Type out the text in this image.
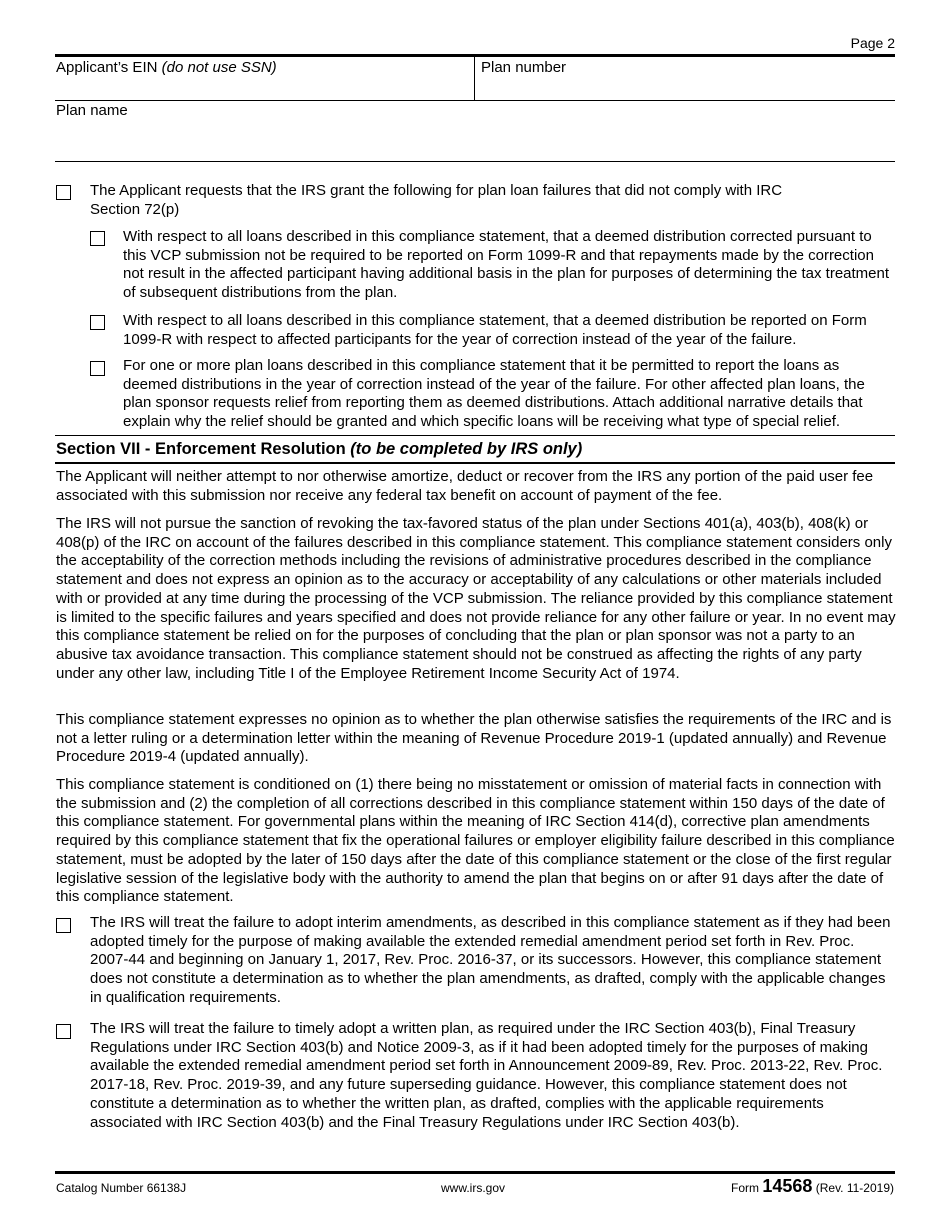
Page 2
Applicant’s EIN (do not use SSN)	Plan number
Plan name
The Applicant requests that the IRS grant the following for plan loan failures that did not comply with IRC Section 72(p)
With respect to all loans described in this compliance statement, that a deemed distribution corrected pursuant to this VCP submission not be required to be reported on Form 1099-R and that repayments made by the correction not result in the affected participant having additional basis in the plan for purposes of determining the tax treatment of subsequent distributions from the plan.
With respect to all loans described in this compliance statement, that a deemed distribution be reported on Form 1099-R with respect to affected participants for the year of correction instead of the year of the failure.
For one or more plan loans described in this compliance statement that it be permitted to report the loans as deemed distributions in the year of correction instead of the year of the failure. For other affected plan loans, the plan sponsor requests relief from reporting them as deemed distributions. Attach additional narrative details that explain why the relief should be granted and which specific loans will be receiving what type of special relief.
Section VII - Enforcement Resolution (to be completed by IRS only)
The Applicant will neither attempt to nor otherwise amortize, deduct or recover from the IRS any portion of the paid user fee associated with this submission nor receive any federal tax benefit on account of payment of the fee.
The IRS will not pursue the sanction of revoking the tax-favored status of the plan under Sections 401(a), 403(b), 408(k) or 408(p) of the IRC on account of the failures described in this compliance statement. This compliance statement considers only the acceptability of the correction methods including the revisions of administrative procedures described in the compliance statement and does not express an opinion as to the accuracy or acceptability of any calculations or other materials included with or provided at any time during the processing of the VCP submission. The reliance provided by this compliance statement is limited to the specific failures and years specified and does not provide reliance for any other failure or year. In no event may this compliance statement be relied on for the purposes of concluding that the plan or plan sponsor was not a party to an abusive tax avoidance transaction. This compliance statement should not be construed as affecting the rights of any party under any other law, including Title I of the Employee Retirement Income Security Act of 1974.
This compliance statement expresses no opinion as to whether the plan otherwise satisfies the requirements of the IRC and is not a letter ruling or a determination letter within the meaning of Revenue Procedure 2019-1 (updated annually) and Revenue Procedure 2019-4 (updated annually).
This compliance statement is conditioned on (1) there being no misstatement or omission of material facts in connection with the submission and (2) the completion of all corrections described in this compliance statement within 150 days of the date of this compliance statement. For governmental plans within the meaning of IRC Section 414(d), corrective plan amendments required by this compliance statement that fix the operational failures or employer eligibility failure described in this compliance statement, must be adopted by the later of 150 days after the date of this compliance statement or the close of the first regular legislative session of the legislative body with the authority to amend the plan that begins on or after 91 days after the date of this compliance statement.
The IRS will treat the failure to adopt interim amendments, as described in this compliance statement as if they had been adopted timely for the purpose of making available the extended remedial amendment period set forth in Rev. Proc. 2007-44 and beginning on January 1, 2017, Rev. Proc. 2016-37, or its successors. However, this compliance statement does not constitute a determination as to whether the plan amendments, as drafted, comply with the applicable changes in qualification requirements.
The IRS will treat the failure to timely adopt a written plan, as required under the IRC Section 403(b), Final Treasury Regulations under IRC Section 403(b) and Notice 2009-3, as if it had been adopted timely for the purposes of making available the extended remedial amendment period set forth in Announcement 2009-89, Rev. Proc. 2013-22, Rev. Proc. 2017-18, Rev. Proc. 2019-39, and any future superseding guidance. However, this compliance statement does not constitute a determination as to whether the written plan, as drafted, complies with the applicable requirements associated with IRC Section 403(b) and the Final Treasury Regulations under IRC Section 403(b).
Catalog Number 66138J	www.irs.gov	Form 14568 (Rev. 11-2019)
